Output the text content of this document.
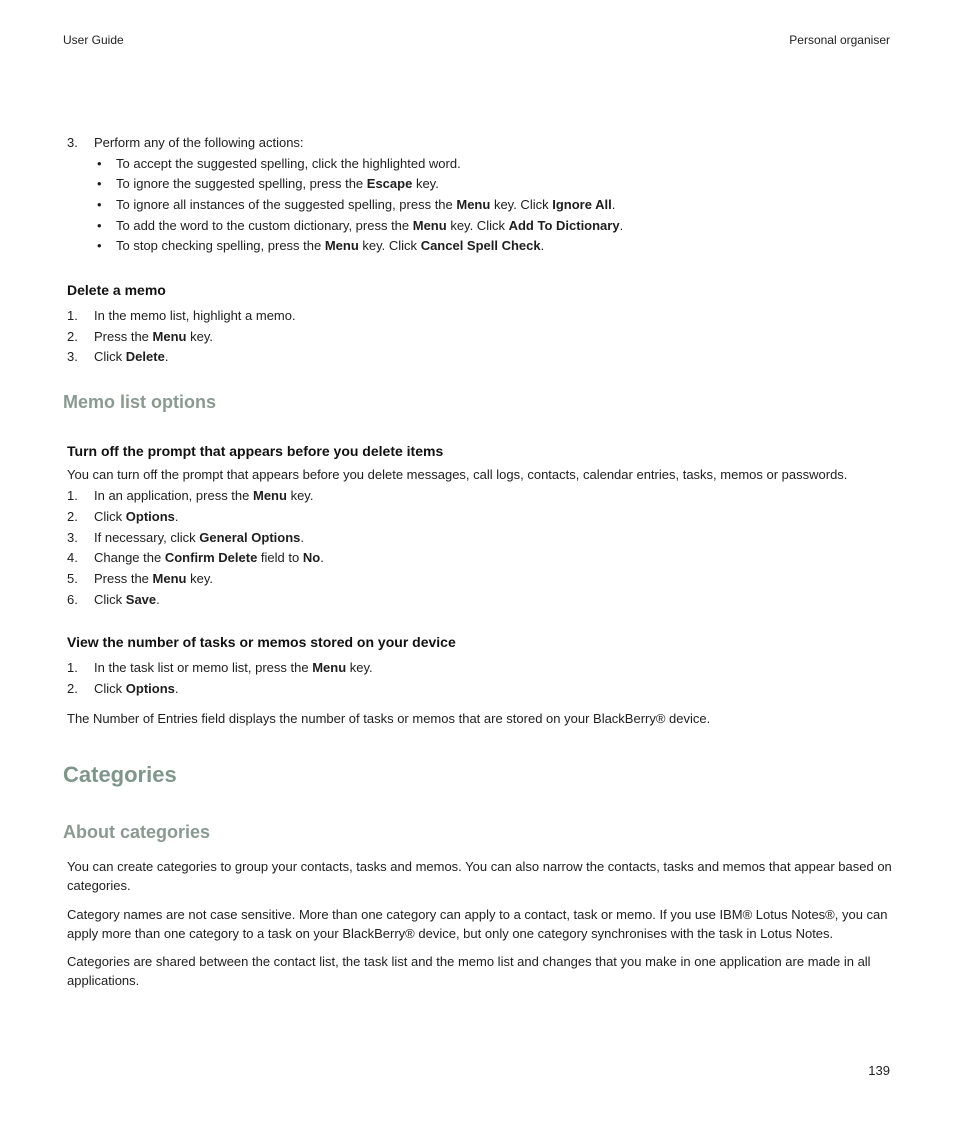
User Guide	Personal organiser
3. Perform any of the following actions:
• To accept the suggested spelling, click the highlighted word.
• To ignore the suggested spelling, press the Escape key.
• To ignore all instances of the suggested spelling, press the Menu key. Click Ignore All.
• To add the word to the custom dictionary, press the Menu key. Click Add To Dictionary.
• To stop checking spelling, press the Menu key. Click Cancel Spell Check.
Delete a memo
1. In the memo list, highlight a memo.
2. Press the Menu key.
3. Click Delete.
Memo list options
Turn off the prompt that appears before you delete items
You can turn off the prompt that appears before you delete messages, call logs, contacts, calendar entries, tasks, memos or passwords.
1. In an application, press the Menu key.
2. Click Options.
3. If necessary, click General Options.
4. Change the Confirm Delete field to No.
5. Press the Menu key.
6. Click Save.
View the number of tasks or memos stored on your device
1. In the task list or memo list, press the Menu key.
2. Click Options.
The Number of Entries field displays the number of tasks or memos that are stored on your BlackBerry® device.
Categories
About categories
You can create categories to group your contacts, tasks and memos. You can also narrow the contacts, tasks and memos that appear based on categories.
Category names are not case sensitive. More than one category can apply to a contact, task or memo. If you use IBM® Lotus Notes®, you can apply more than one category to a task on your BlackBerry® device, but only one category synchronises with the task in Lotus Notes.
Categories are shared between the contact list, the task list and the memo list and changes that you make in one application are made in all applications.
139
